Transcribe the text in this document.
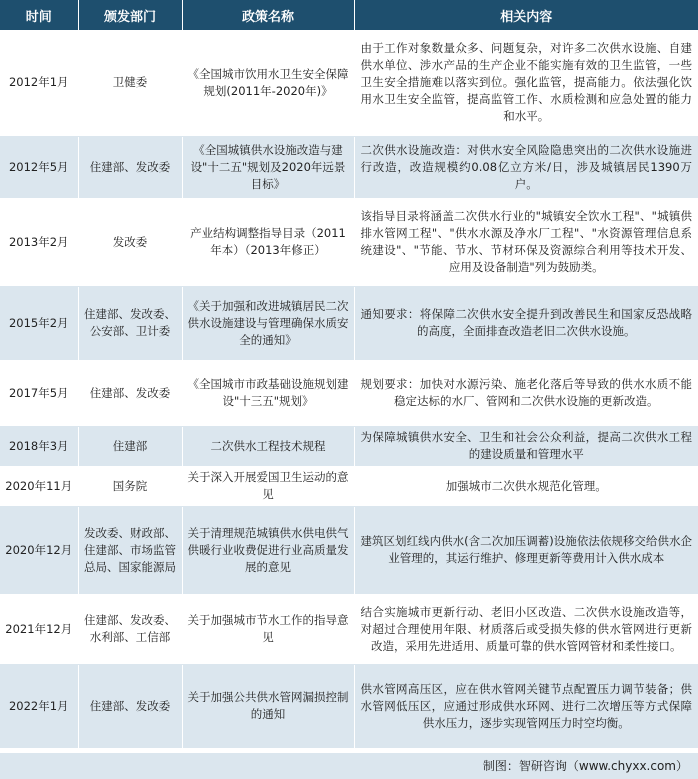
时间	颁发部门	政策名称	相关内容
2012年1月	卫健委	《全国城市饮用水卫生安全保障规划(2011年-2020年)》	由于工作对象数量众多、问题复杂，对许多二次供水设施、自建供水单位、涉水产品的生产企业不能实施有效的卫生监管，一些卫生安全措施难以落实到位。强化监管，提高能力。依法强化饮用水卫生安全监管，提高监管工作、水质检测和应急处置的能力和水平。
2012年5月	住建部、发改委	《全国城镇供水设施改造与建设"十二五"规划及2020年远景目标》	二次供水设施改造：对供水安全风险隐患突出的二次供水设施进行改造，改造规模约0.08亿立方米/日，涉及城镇居民1390万户。
2013年2月	发改委	产业结构调整指导目录（2011年本）（2013年修正）	该指导目录将涵盖二次供水行业的"城镇安全饮水工程"、"城镇供排水管网工程"、"供水水源及净水厂工程"、"水资源管理信息系统建设"、"节能、节水、节材环保及资源综合利用等技术开发、应用及设备制造"列为鼓励类。
2015年2月	住建部、发改委、公安部、卫计委	《关于加强和改进城镇居民二次供水设施建设与管理确保水质安全的通知》	通知要求：将保障二次供水安全提升到改善民生和国家反恐战略的高度，全面排查改造老旧二次供水设施。
2017年5月	住建部、发改委	《全国城市市政基础设施规划建设"十三五"规划》	规划要求：加快对水源污染、施老化落后等导致的供水水质不能稳定达标的水厂、管网和二次供水设施的更新改造。
2018年3月	住建部	二次供水工程技术规程	为保障城镇供水安全、卫生和社会公众利益，提高二次供水工程的建设质量和管理水平
2020年11月	国务院	关于深入开展爱国卫生运动的意见	加强城市二次供水规范化管理。
2020年12月	发改委、财政部、住建部、市场监管总局、国家能源局	关于清理规范城镇供水供电供气供暖行业收费促进行业高质量发展的意见	建筑区划红线内供水(含二次加压调蓄)设施依法依规移交给供水企业管理的，其运行维护、修理更新等费用计入供水成本
2021年12月	住建部、发改委、水利部、工信部	关于加强城市节水工作的指导意见	结合实施城市更新行动、老旧小区改造、二次供水设施改造等，对超过合理使用年限、材质落后或受损失修的供水管网进行更新改造，采用先进适用、质量可靠的供水管网管材和柔性接口。
2022年1月	住建部、发改委	关于加强公共供水管网漏损控制的通知	供水管网高压区，应在供水管网关键节点配置压力调节装备；供水管网低压区，应通过形成供水环网、进行二次增压等方式保障供水压力，逐步实现管网压力时空均衡。
制图：智研咨询（www.chyxx.com）
